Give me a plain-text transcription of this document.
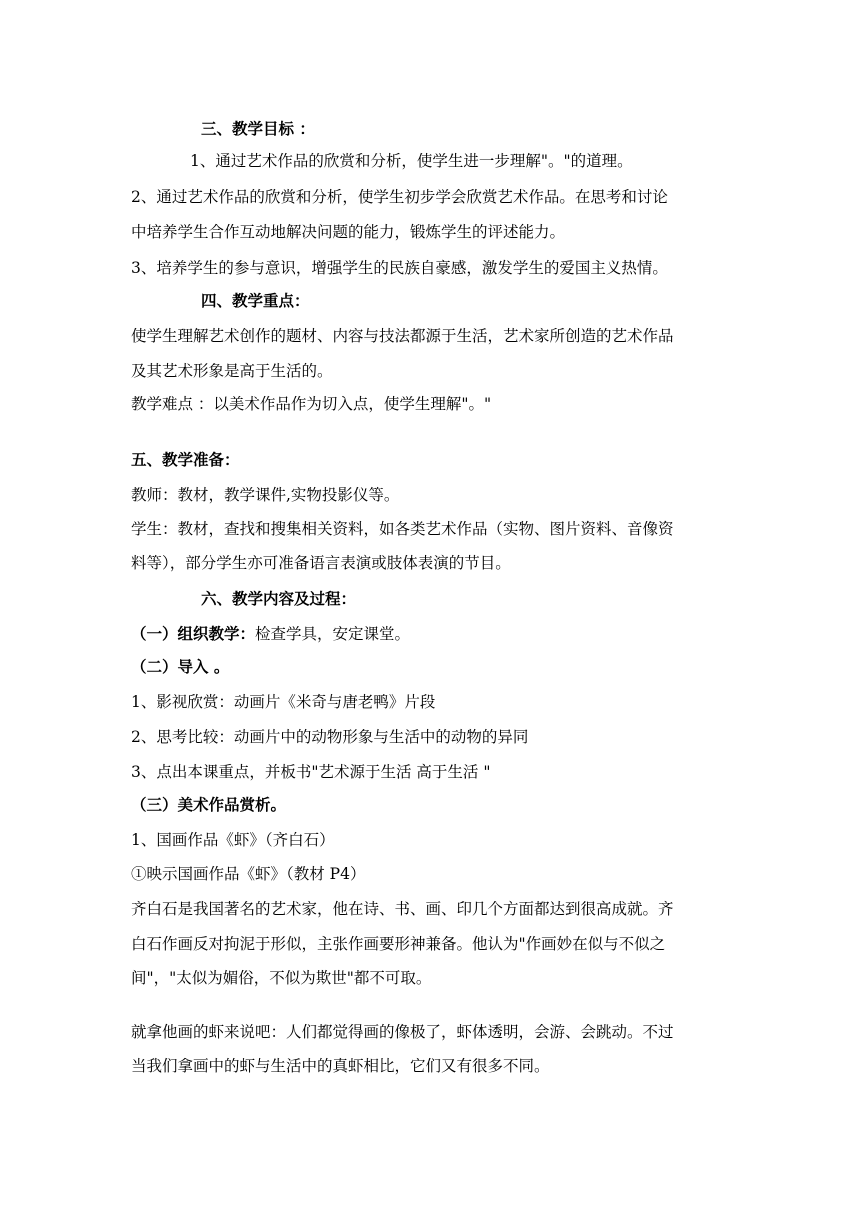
三、教学目标 ：
1、通过艺术作品的欣赏和分析，使学生进一步理解"。"的道理。
2、通过艺术作品的欣赏和分析，使学生初步学会欣赏艺术作品。在思考和讨论
中培养学生合作互动地解决问题的能力，锻炼学生的评述能力。
3、培养学生的参与意识，增强学生的民族自豪感，激发学生的爱国主义热情。
四、教学重点：
使学生理解艺术创作的题材、内容与技法都源于生活，艺术家所创造的艺术作品
及其艺术形象是高于生活的。
教学难点 ：以美术作品作为切入点，使学生理解"。"
五、教学准备：
教师：教材，教学课件,实物投影仪等。
学生：教材，查找和搜集相关资料，如各类艺术作品（实物、图片资料、音像资
料等），部分学生亦可准备语言表演或肢体表演的节目。
六、教学内容及过程：
（一）组织教学：检查学具，安定课堂。
（二）导入 。
1、影视欣赏：动画片《米奇与唐老鸭》片段
2、思考比较：动画片中的动物形象与生活中的动物的异同
3、点出本课重点，并板书"艺术源于生活 高于生活 "
（三）美术作品赏析。
1、国画作品《虾》（齐白石）
①映示国画作品《虾》（教材 P4）
齐白石是我国著名的艺术家，他在诗、书、画、印几个方面都达到很高成就。齐
白石作画反对拘泥于形似，主张作画要形神兼备。他认为"作画妙在似与不似之
间"，"太似为媚俗，不似为欺世"都不可取。
就拿他画的虾来说吧：人们都觉得画的像极了，虾体透明，会游、会跳动。不过
当我们拿画中的虾与生活中的真虾相比，它们又有很多不同。
